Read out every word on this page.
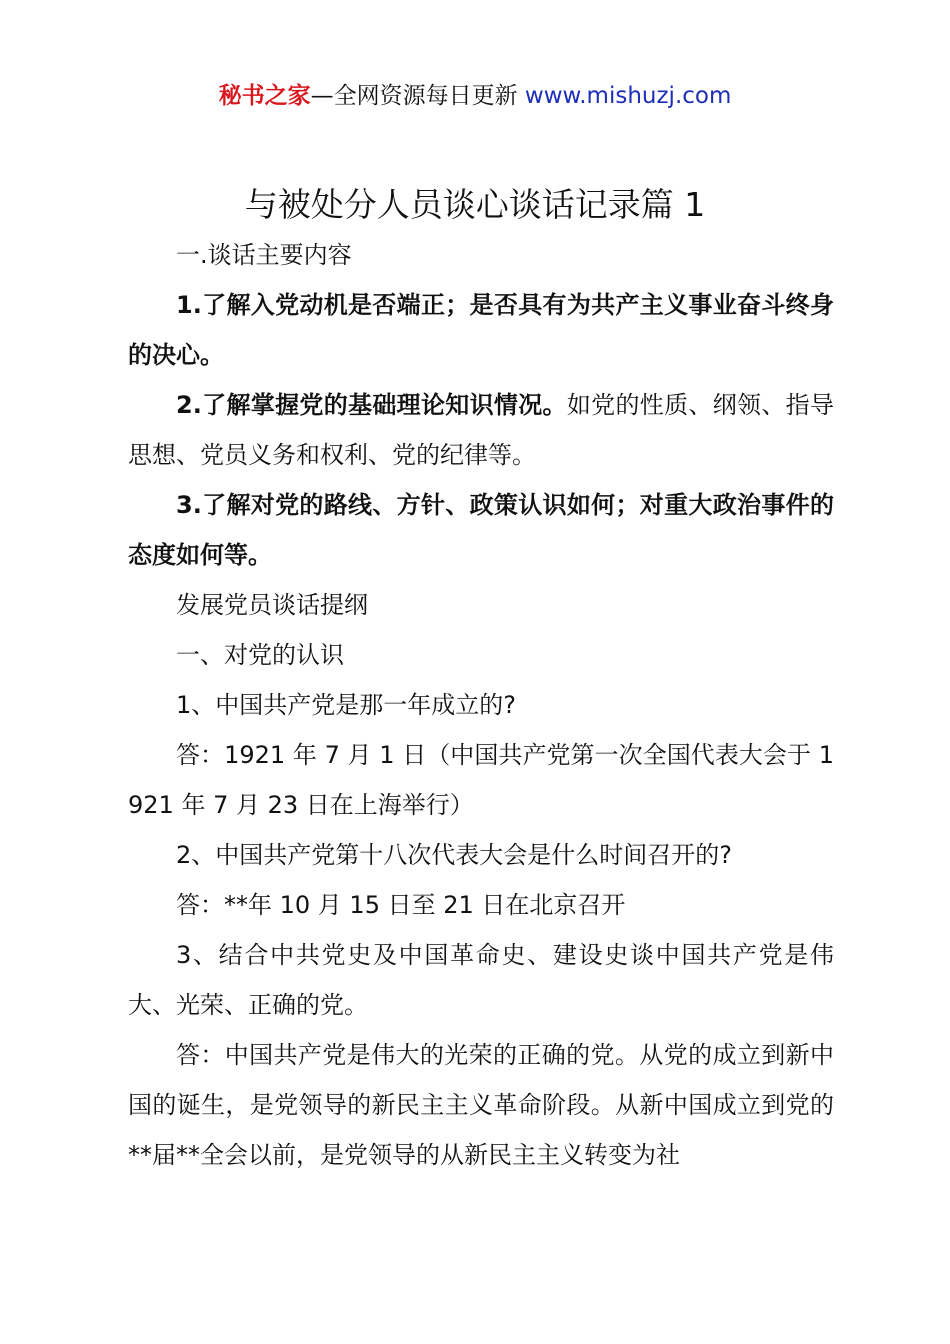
秘书之家—全网资源每日更新 www.mishuzj.com
与被处分人员谈心谈话记录篇 1

一.谈话主要内容

1.了解入党动机是否端正；是否具有为共产主义事业奋斗终身的决心。

2.了解掌握党的基础理论知识情况。如党的性质、纲领、指导思想、党员义务和权利、党的纪律等。

3.了解对党的路线、方针、政策认识如何；对重大政治事件的态度如何等。

发展党员谈话提纲

一、对党的认识

1、中国共产党是那一年成立的?

答：1921 年 7 月 1 日（中国共产党第一次全国代表大会于 1921 年 7 月 23 日在上海举行）

2、中国共产党第十八次代表大会是什么时间召开的?

答：**年 10 月 15 日至 21 日在北京召开

3、结合中共党史及中国革命史、建设史谈中国共产党是伟大、光荣、正确的党。

答：中国共产党是伟大的光荣的正确的党。从党的成立到新中国的诞生，是党领导的新民主主义革命阶段。从新中国成立到党的**届**全会以前，是党领导的从新民主主义转变为社
